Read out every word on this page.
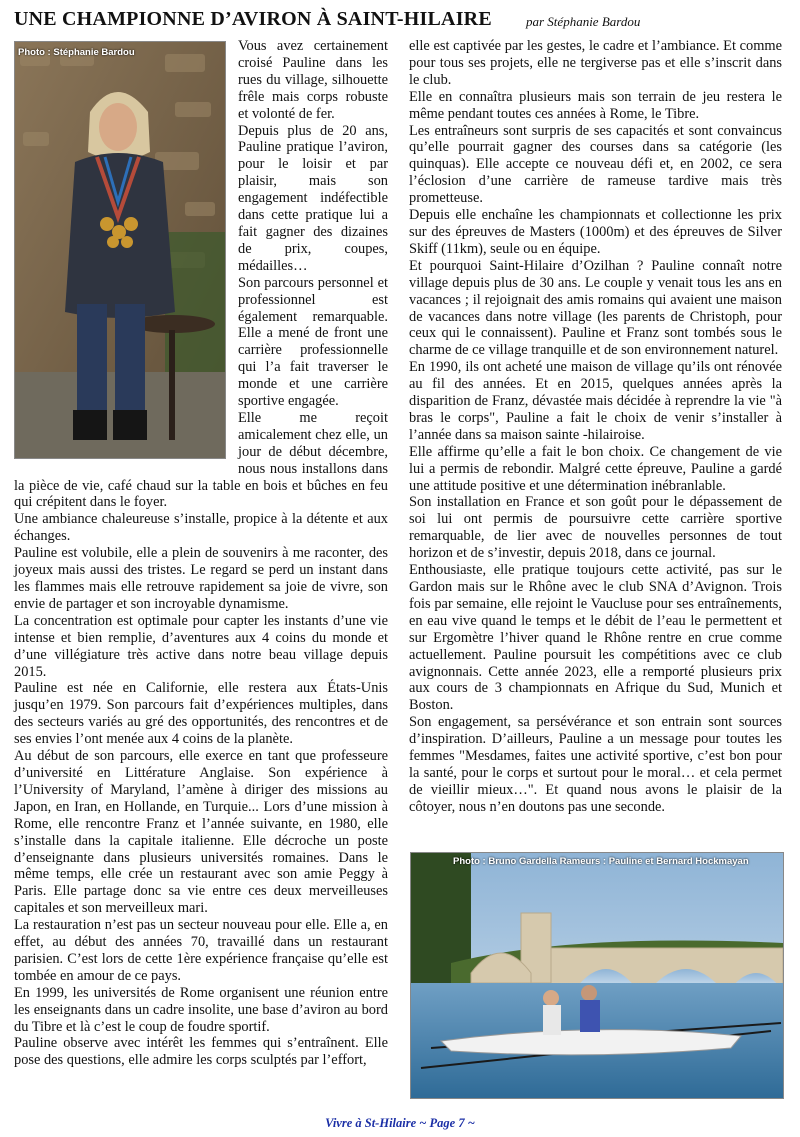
UNE CHAMPIONNE D’AVIRON À SAINT-HILAIRE	par Stéphanie Bardou
Photo : Stéphanie Bardou	Vous avez certainement croisé Pauline dans les rues du village, silhouette frêle mais corps robuste et volonté de fer.

Depuis plus de 20 ans, Pauline pratique l’aviron, pour le loisir et par plaisir, mais son engagement indéfectible dans cette pratique lui a fait gagner des dizaines de prix, coupes, médailles…

Son parcours personnel et professionnel est également remarquable. Elle a mené de front une carrière professionnelle qui l’a fait traverser le monde et une carrière sportive engagée.

Elle me reçoit amicalement chez elle, un jour de début décembre, nous nous installons dans la pièce de vie, café chaud sur la table en bois et bûches en feu qui crépitent dans le foyer.

Une ambiance chaleureuse s’installe, propice à la détente et aux échanges.

Pauline est volubile, elle a plein de souvenirs à me raconter, des joyeux mais aussi des tristes. Le regard se perd un instant dans les flammes mais elle retrouve rapidement sa joie de vivre, son envie de partager et son incroyable dynamisme.

La concentration est optimale pour capter les instants d’une vie intense et bien remplie, d’aventures aux 4 coins du monde et d’une villégiature très active dans notre beau village depuis 2015.

Pauline est née en Californie, elle restera aux États-Unis jusqu’en 1979. Son parcours fait d’expériences multiples, dans des secteurs variés au gré des opportunités, des rencontres et de ses envies l’ont menée aux 4 coins de la planète.

Au début de son parcours, elle exerce en tant que professeure d’université en Littérature Anglaise. Son expérience à l’University of Maryland, l’amène à diriger des missions au Japon, en Iran, en Hollande, en Turquie... Lors d’une mission à Rome, elle rencontre Franz et l’année suivante, en 1980, elle s’installe dans la capitale italienne. Elle décroche un poste d’enseignante dans plusieurs universités romaines. Dans le même temps, elle crée un restaurant avec son amie Peggy à Paris. Elle partage donc sa vie entre ces deux merveilleuses capitales et son merveilleux mari.

La restauration n’est pas un secteur nouveau pour elle. Elle a, en effet, au début des années 70, travaillé dans un restaurant parisien. C’est lors de cette 1ère expérience française qu’elle est tombée en amour de ce pays.

En 1999, les universités de Rome organisent une réunion entre les enseignants dans un cadre insolite, une base d’aviron au bord du Tibre et là c’est le coup de foudre sportif.

Pauline observe avec intérêt les femmes qui s’entraînent. Elle pose des questions, elle admire les corps sculptés par l’effort,

elle est captivée par les gestes, le cadre et l’ambiance. Et comme pour tous ses projets, elle ne tergiverse pas et elle s’inscrit dans le club.

Elle en connaîtra plusieurs mais son terrain de jeu restera le même pendant toutes ces années à Rome, le Tibre.

Les entraîneurs sont surpris de ses capacités et sont convaincus qu’elle pourrait gagner des courses dans sa catégorie (les quinquas). Elle accepte ce nouveau défi et, en 2002, ce sera l’éclosion d’une carrière de rameuse tardive mais très prometteuse.

Depuis elle enchaîne les championnats et collectionne les prix sur des épreuves de Masters (1000m) et des épreuves de Silver Skiff (11km), seule ou en équipe.

Et pourquoi Saint-Hilaire d’Ozilhan ? Pauline connaît notre village depuis plus de 30 ans. Le couple y venait tous les ans en vacances ; il rejoignait des amis romains qui avaient une maison de vacances dans notre village (les parents de Christoph, pour ceux qui le connaissent). Pauline et Franz sont tombés sous le charme de ce village tranquille et de son environnement naturel.

En 1990, ils ont acheté une maison de village qu’ils ont rénovée au fil des années. Et en 2015, quelques années après la disparition de Franz, dévastée mais décidée à reprendre la vie "à bras le corps", Pauline a fait le choix de venir s’installer à l’année dans sa maison sainte -hilairoise.

Elle affirme qu’elle a fait le bon choix. Ce changement de vie lui a permis de rebondir. Malgré cette épreuve, Pauline a gardé une attitude positive et une détermination inébranlable.

Son installation en France et son goût pour le dépassement de soi lui ont permis de poursuivre cette carrière sportive remarquable, de lier avec de nouvelles personnes de tout horizon et de s’investir, depuis 2018, dans ce journal.

Enthousiaste, elle pratique toujours cette activité, pas sur le Gardon mais sur le Rhône avec le club SNA d’Avignon. Trois fois par semaine, elle rejoint le Vaucluse pour ses entraînements, en eau vive quand le temps et le débit de l’eau le permettent et sur Ergomètre l’hiver quand le Rhône rentre en crue comme actuellement. Pauline poursuit les compétitions avec ce club avignonnais. Cette année 2023, elle a remporté plusieurs prix aux cours de 3 championnats en Afrique du Sud, Munich et Boston.

Son engagement, sa persévérance et son entrain sont sources d’inspiration. D’ailleurs, Pauline a un message pour toutes les femmes "Mesdames, faites une activité sportive, c’est bon pour la santé, pour le corps et surtout pour le moral… et cela permet de vieillir mieux…". Et quand nous avons le plaisir de la côtoyer, nous n’en doutons pas une seconde.

Photo : Bruno Gardella Rameurs : Pauline et Bernard Hockmayan
Vivre à St-Hilaire ~ Page 7 ~
